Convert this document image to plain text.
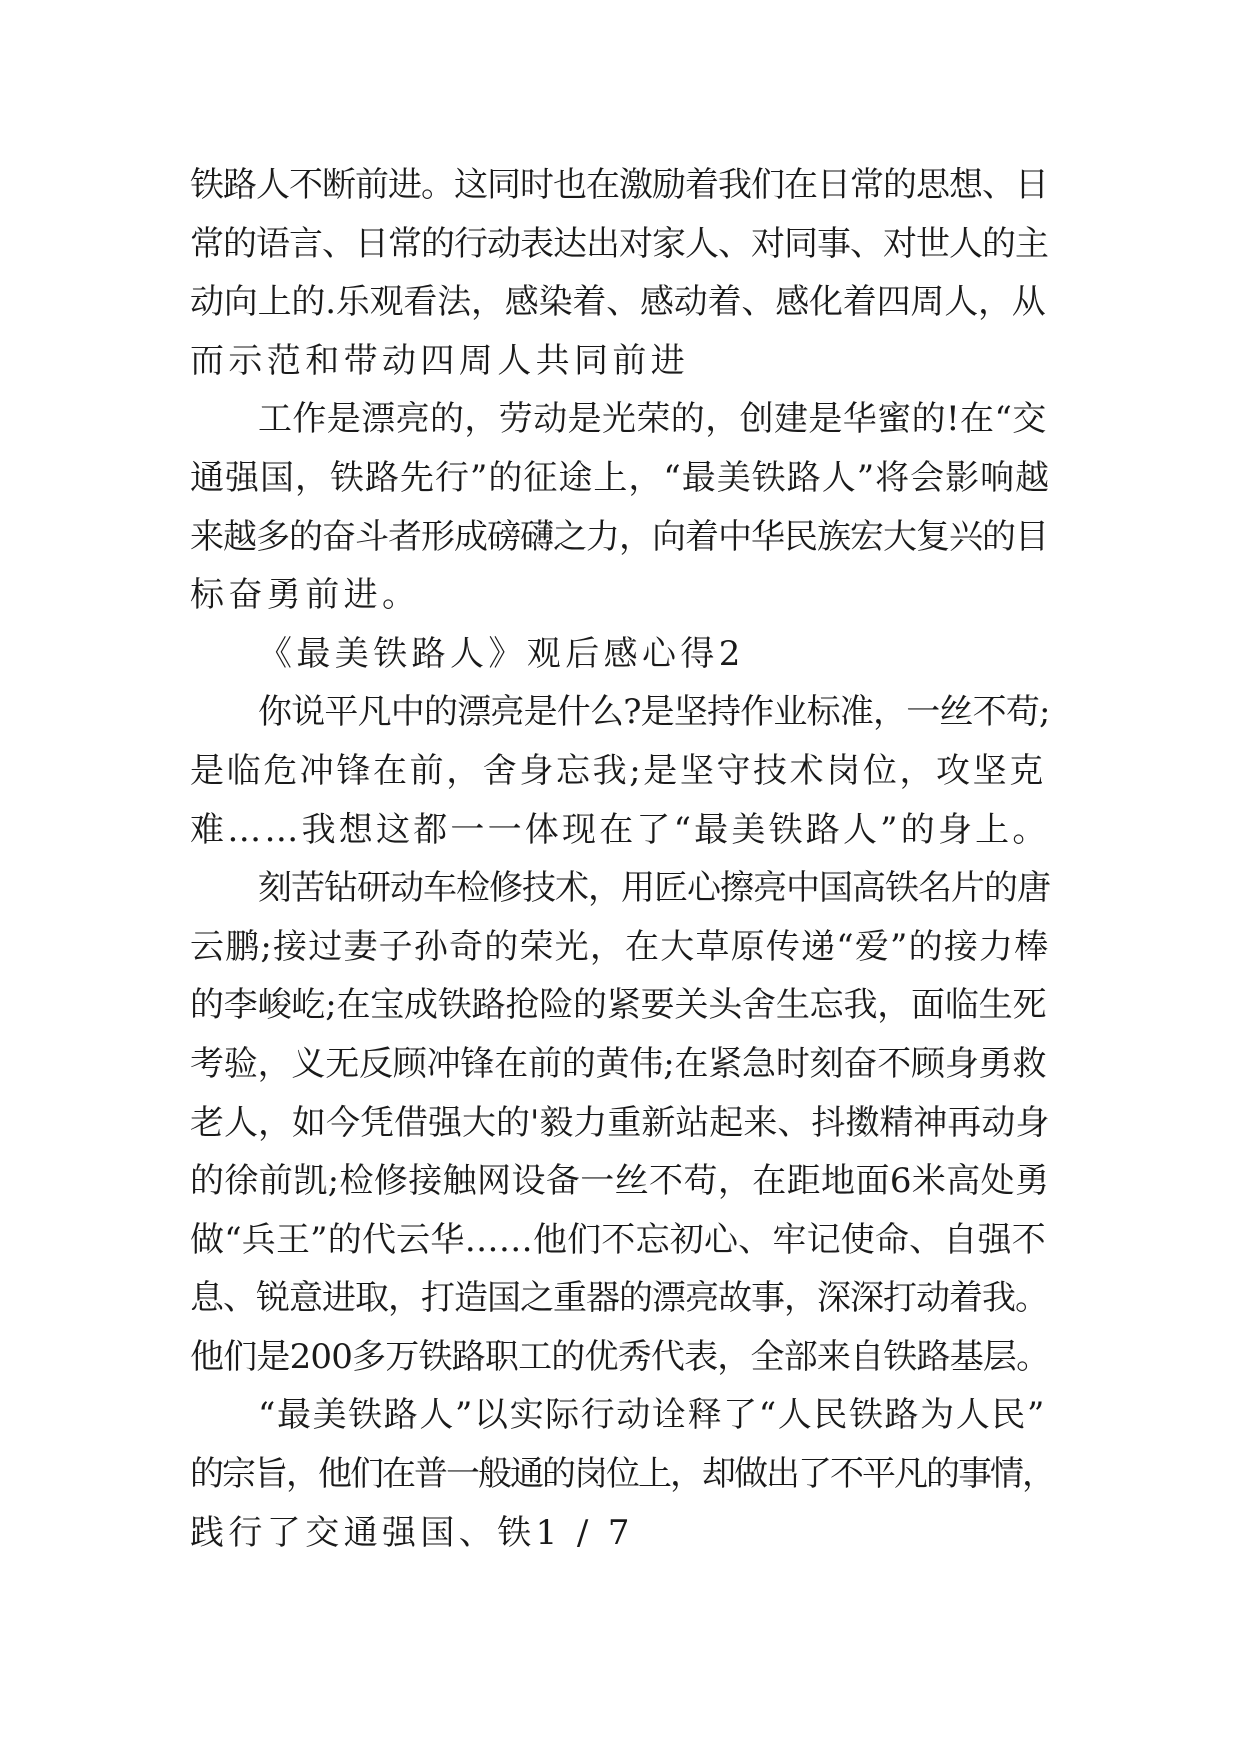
铁路人不断前进。这同时也在激励着我们在日常的思想、日
常的语言、日常的行动表达出对家人、对同事、对世人的主
动向上的.乐观看法，感染着、感动着、感化着四周人，从
而示范和带动四周人共同前进
工作是漂亮的，劳动是光荣的，创建是华蜜的!在“交
通强国，铁路先行”的征途上，“最美铁路人”将会影响越
来越多的奋斗者形成磅礴之力，向着中华民族宏大复兴的目
标奋勇前进。
《最美铁路人》观后感心得2
你说平凡中的漂亮是什么?是坚持作业标准，一丝不苟;
是临危冲锋在前，舍身忘我;是坚守技术岗位，攻坚克
难……我想这都一一体现在了“最美铁路人”的身上。
刻苦钻研动车检修技术，用匠心擦亮中国高铁名片的唐
云鹏;接过妻子孙奇的荣光，在大草原传递“爱”的接力棒
的李峻屹;在宝成铁路抢险的紧要关头舍生忘我，面临生死
考验，义无反顾冲锋在前的黄伟;在紧急时刻奋不顾身勇救
老人，如今凭借强大的'毅力重新站起来、抖擞精神再动身
的徐前凯;检修接触网设备一丝不苟，在距地面6米高处勇
做“兵王”的代云华……他们不忘初心、牢记使命、自强不
息、锐意进取，打造国之重器的漂亮故事，深深打动着我。
他们是200多万铁路职工的优秀代表，全部来自铁路基层。
“最美铁路人”以实际行动诠释了“人民铁路为人民”
的宗旨，他们在普一般通的岗位上，却做出了不平凡的事情，
践行了交通强国、铁1 / 7
